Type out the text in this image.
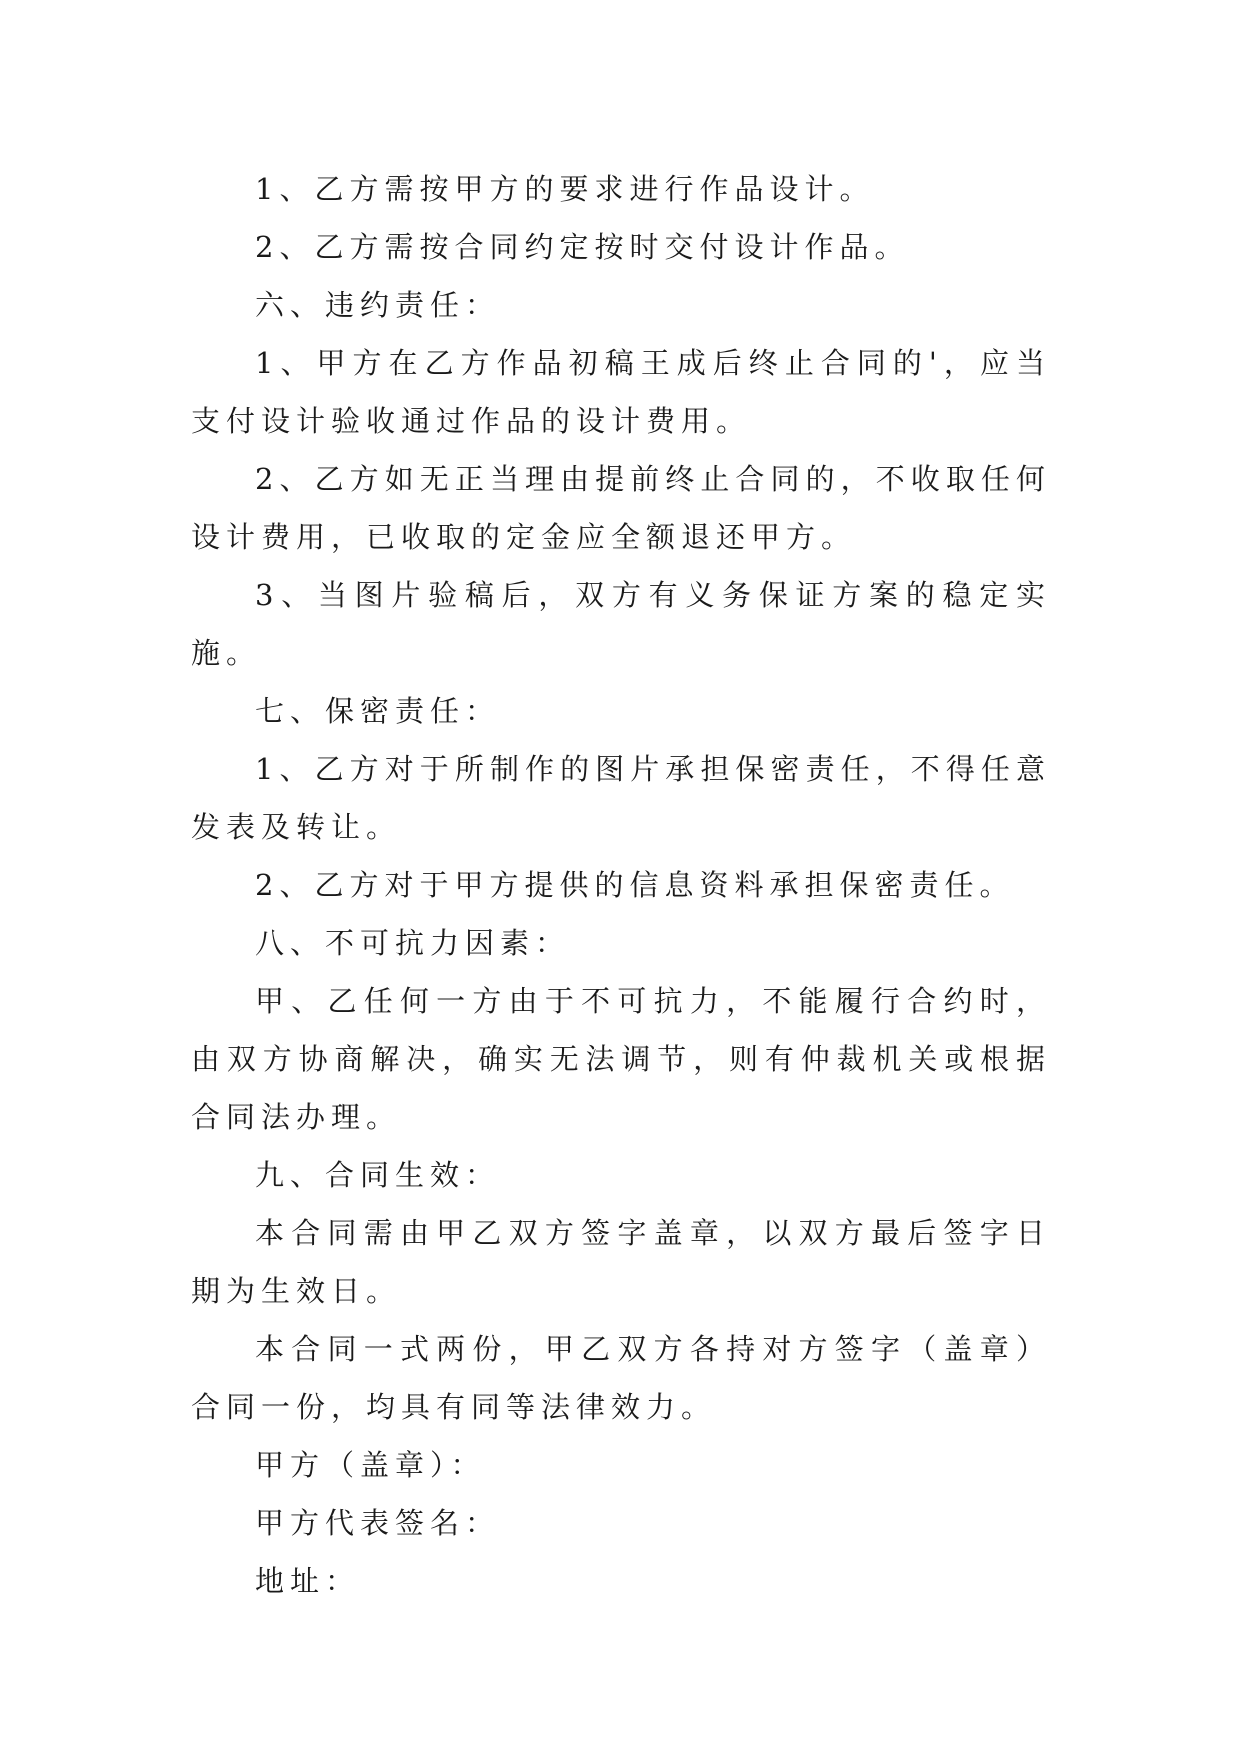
1、乙方需按甲方的要求进行作品设计。

2、乙方需按合同约定按时交付设计作品。

六、违约责任：

1、甲方在乙方作品初稿王成后终止合同的'，应当支付设计验收通过作品的设计费用。

2、乙方如无正当理由提前终止合同的，不收取任何设计费用，已收取的定金应全额退还甲方。

3、当图片验稿后，双方有义务保证方案的稳定实施。

七、保密责任：

1、乙方对于所制作的图片承担保密责任，不得任意发表及转让。

2、乙方对于甲方提供的信息资料承担保密责任。

八、不可抗力因素：

甲、乙任何一方由于不可抗力，不能履行合约时，由双方协商解决，确实无法调节，则有仲裁机关或根据合同法办理。

九、合同生效：

本合同需由甲乙双方签字盖章，以双方最后签字日期为生效日。

本合同一式两份，甲乙双方各持对方签字（盖章）合同一份，均具有同等法律效力。

甲方（盖章）：

甲方代表签名：

地址：
